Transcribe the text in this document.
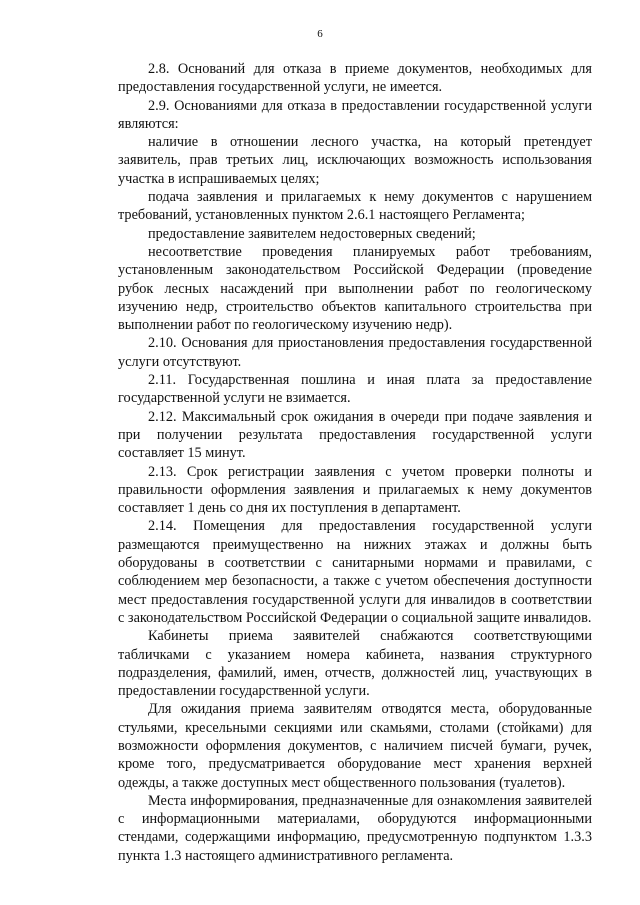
6

2.8. Оснований для отказа в приеме документов, необходимых для предоставления государственной услуги, не имеется.

2.9. Основаниями для отказа в предоставлении государственной услуги являются:

наличие в отношении лесного участка, на который претендует заявитель, прав третьих лиц, исключающих возможность использования участка в испрашиваемых целях;

подача заявления и прилагаемых к нему документов с нарушением требований, установленных пунктом 2.6.1 настоящего Регламента;

предоставление заявителем недостоверных сведений;

несоответствие проведения планируемых работ требованиям, установленным законодательством Российской Федерации (проведение рубок лесных насаждений при выполнении работ по геологическому изучению недр, строительство объектов капитального строительства при выполнении работ по геологическому изучению недр).

2.10. Основания для приостановления предоставления государственной услуги отсутствуют.

2.11. Государственная пошлина и иная плата за предоставление государственной услуги не взимается.

2.12. Максимальный срок ожидания в очереди при подаче заявления и при получении результата предоставления государственной услуги составляет 15 минут.

2.13. Срок регистрации заявления с учетом проверки полноты и правильности оформления заявления и прилагаемых к нему документов составляет 1 день со дня их поступления в департамент.

2.14. Помещения для предоставления государственной услуги размещаются преимущественно на нижних этажах и должны быть оборудованы в соответствии с санитарными нормами и правилами, с соблюдением мер безопасности, а также с учетом обеспечения доступности мест предоставления государственной услуги для инвалидов в соответствии с законодательством Российской Федерации о социальной защите инвалидов.

Кабинеты приема заявителей снабжаются соответствующими табличками с указанием номера кабинета, названия структурного подразделения, фамилий, имен, отчеств, должностей лиц, участвующих в предоставлении государственной услуги.

Для ожидания приема заявителям отводятся места, оборудованные стульями, кресельными секциями или скамьями, столами (стойками) для возможности оформления документов, с наличием писчей бумаги, ручек, кроме того, предусматривается оборудование мест хранения верхней одежды, а также доступных мест общественного пользования (туалетов).

Места информирования, предназначенные для ознакомления заявителей с информационными материалами, оборудуются информационными стендами, содержащими информацию, предусмотренную подпунктом 1.3.3 пункта 1.3 настоящего административного регламента.
